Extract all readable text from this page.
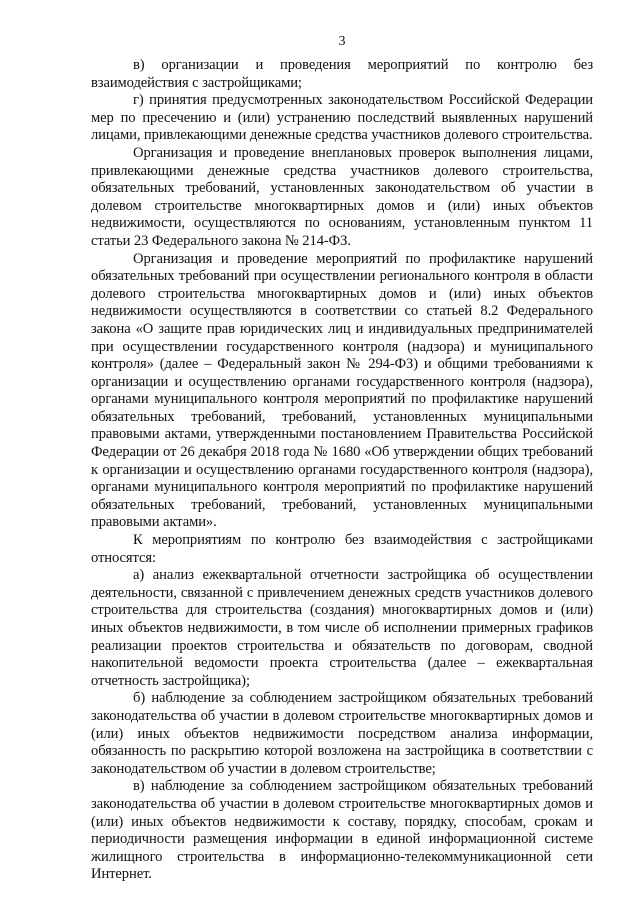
3

в) организации и проведения мероприятий по контролю без взаимодействия с застройщиками;

г) принятия предусмотренных законодательством Российской Федерации мер по пресечению и (или) устранению последствий выявленных нарушений лицами, привлекающими денежные средства участников долевого строительства.

Организация и проведение внеплановых проверок выполнения лицами, привлекающими денежные средства участников долевого строительства, обязательных требований, установленных законодательством об участии в долевом строительстве многоквартирных домов и (или) иных объектов недвижимости, осуществляются по основаниям, установленным пунктом 11 статьи 23 Федерального закона № 214-ФЗ.

Организация и проведение мероприятий по профилактике нарушений обязательных требований при осуществлении регионального контроля в области долевого строительства многоквартирных домов и (или) иных объектов недвижимости осуществляются в соответствии со статьей 8.2 Федерального закона «О защите прав юридических лиц и индивидуальных предпринимателей при осуществлении государственного контроля (надзора) и муниципального контроля» (далее – Федеральный закон № 294-ФЗ) и общими требованиями к организации и осуществлению органами государственного контроля (надзора), органами муниципального контроля мероприятий по профилактике нарушений обязательных требований, требований, установленных муниципальными правовыми актами, утвержденными постановлением Правительства Российской Федерации от 26 декабря 2018 года № 1680 «Об утверждении общих требований к организации и осуществлению органами государственного контроля (надзора), органами муниципального контроля мероприятий по профилактике нарушений обязательных требований, требований, установленных муниципальными правовыми актами».

К мероприятиям по контролю без взаимодействия с застройщиками относятся:

а) анализ ежеквартальной отчетности застройщика об осуществлении деятельности, связанной с привлечением денежных средств участников долевого строительства для строительства (создания) многоквартирных домов и (или) иных объектов недвижимости, в том числе об исполнении примерных графиков реализации проектов строительства и обязательств по договорам, сводной накопительной ведомости проекта строительства (далее – ежеквартальная отчетность застройщика);

б) наблюдение за соблюдением застройщиком обязательных требований законодательства об участии в долевом строительстве многоквартирных домов и (или) иных объектов недвижимости посредством анализа информации, обязанность по раскрытию которой возложена на застройщика в соответствии с законодательством об участии в долевом строительстве;

в) наблюдение за соблюдением застройщиком обязательных требований законодательства об участии в долевом строительстве многоквартирных домов и (или) иных объектов недвижимости к составу, порядку, способам, срокам и периодичности размещения информации в единой информационной системе жилищного строительства в информационно-телекоммуникационной сети Интернет.
